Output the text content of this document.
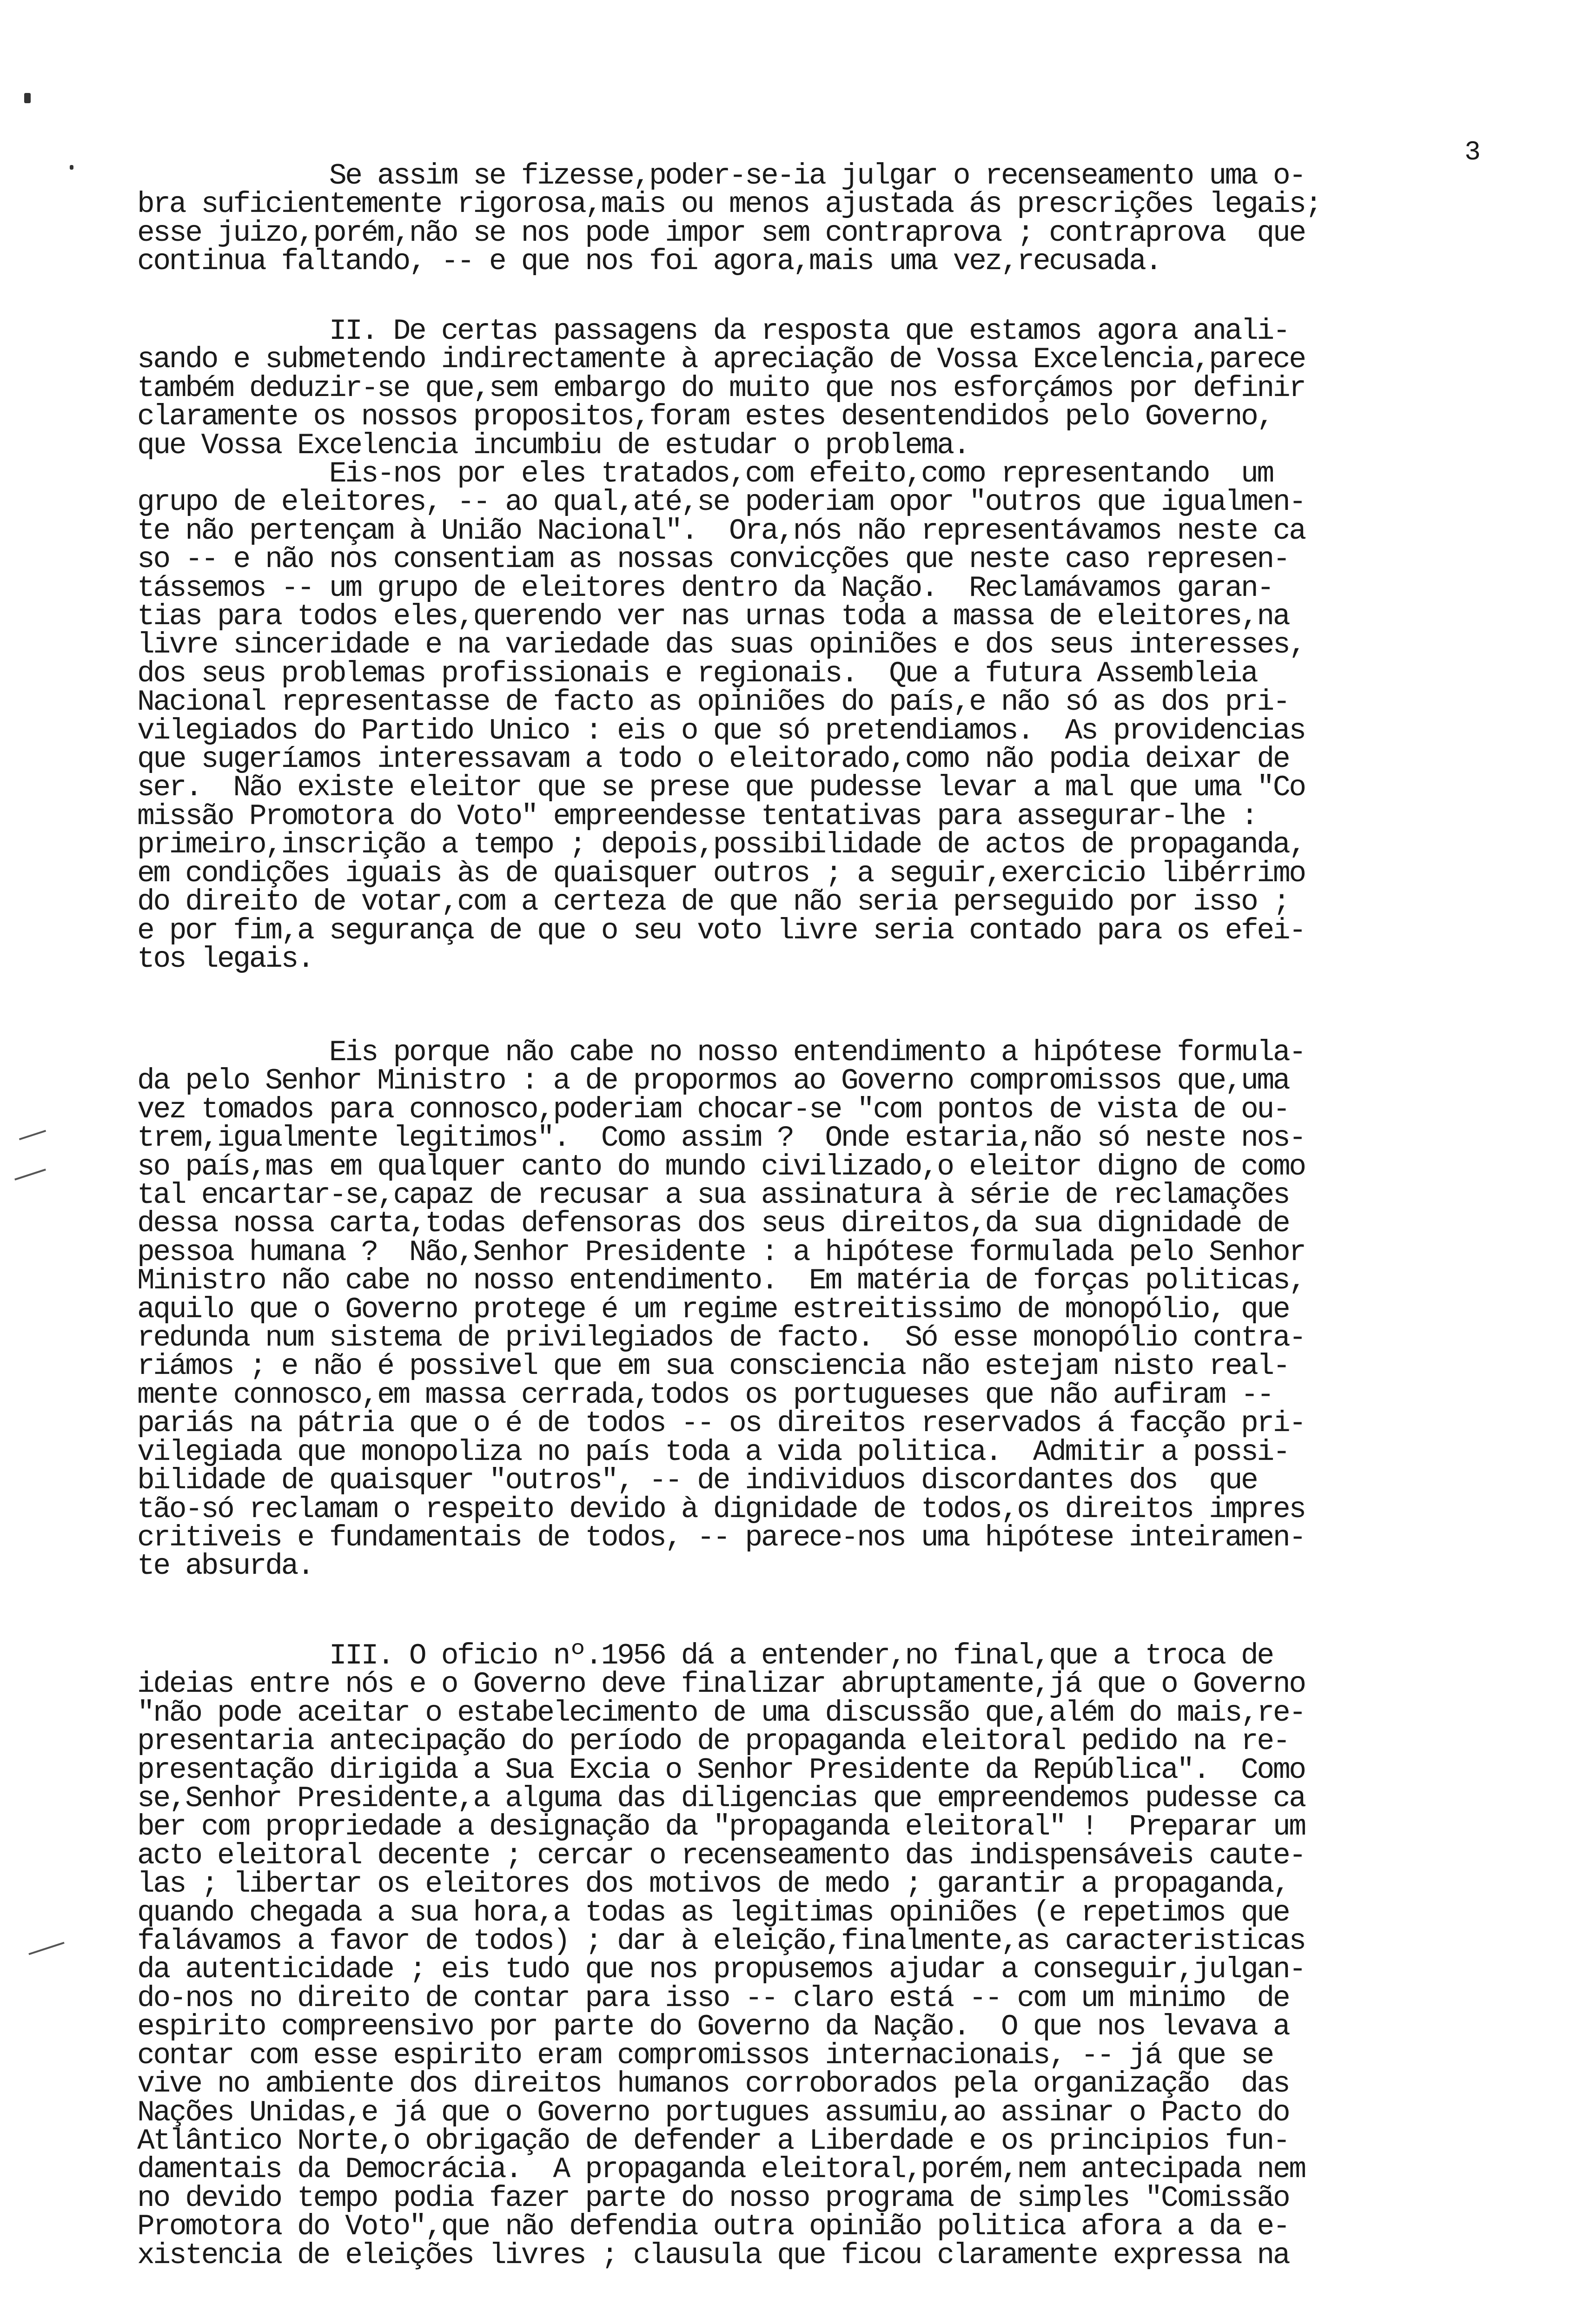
3
Se assim se fizesse,poder-se-ia julgar o recenseamento uma o-
bra suficientemente rigorosa,mais ou menos ajustada ás prescrições legais;
esse juizo,porém,não se nos pode impor sem contraprova ; contraprova  que
continua faltando, -- e que nos foi agora,mais uma vez,recusada.
II. De certas passagens da resposta que estamos agora anali-
sando e submetendo indirectamente à apreciação de Vossa Excelencia,parece
também deduzir-se que,sem embargo do muito que nos esforçámos por definir
claramente os nossos propositos,foram estes desentendidos pelo Governo,
que Vossa Excelencia incumbiu de estudar o problema.
Eis-nos por eles tratados,com efeito,como representando  um
grupo de eleitores, -- ao qual,até,se poderiam opor "outros que igualmen-
te não pertençam à União Nacional".  Ora,nós não representávamos neste ca
so -- e não nos consentiam as nossas convicções que neste caso represen-
tássemos -- um grupo de eleitores dentro da Nação.  Reclamávamos garan-
tias para todos eles,querendo ver nas urnas toda a massa de eleitores,na
livre sinceridade e na variedade das suas opiniões e dos seus interesses,
dos seus problemas profissionais e regionais.  Que a futura Assembleia
Nacional representasse de facto as opiniões do país,e não só as dos pri-
vilegiados do Partido Unico : eis o que só pretendiamos.  As providencias
que sugeríamos interessavam a todo o eleitorado,como não podia deixar de
ser.  Não existe eleitor que se prese que pudesse levar a mal que uma "Co
missão Promotora do Voto" empreendesse tentativas para assegurar-lhe :
primeiro,inscrição a tempo ; depois,possibilidade de actos de propaganda,
em condições iguais às de quaisquer outros ; a seguir,exercicio libérrimo
do direito de votar,com a certeza de que não seria perseguido por isso ;
e por fim,a segurança de que o seu voto livre seria contado para os efei-
tos legais.
Eis porque não cabe no nosso entendimento a hipótese formula-
da pelo Senhor Ministro : a de propormos ao Governo compromissos que,uma
vez tomados para connosco,poderiam chocar-se "com pontos de vista de ou-
trem,igualmente legitimos".  Como assim ?  Onde estaria,não só neste nos-
so país,mas em qualquer canto do mundo civilizado,o eleitor digno de como
tal encartar-se,capaz de recusar a sua assinatura à série de reclamações
dessa nossa carta,todas defensoras dos seus direitos,da sua dignidade de
pessoa humana ?  Não,Senhor Presidente : a hipótese formulada pelo Senhor
Ministro não cabe no nosso entendimento.  Em matéria de forças politicas,
aquilo que o Governo protege é um regime estreitissimo de monopólio, que
redunda num sistema de privilegiados de facto.  Só esse monopólio contra-
riámos ; e não é possivel que em sua consciencia não estejam nisto real-
mente connosco,em massa cerrada,todos os portugueses que não aufiram --
pariás na pátria que o é de todos -- os direitos reservados á facção pri-
vilegiada que monopoliza no país toda a vida politica.  Admitir a possi-
bilidade de quaisquer "outros", -- de individuos discordantes dos  que
tão-só reclamam o respeito devido à dignidade de todos,os direitos impres
critiveis e fundamentais de todos, -- parece-nos uma hipótese inteiramen-
te absurda.
III. O oficio nº.1956 dá a entender,no final,que a troca de
ideias entre nós e o Governo deve finalizar abruptamente,já que o Governo
"não pode aceitar o estabelecimento de uma discussão que,além do mais,re-
presentaria antecipação do período de propaganda eleitoral pedido na re-
presentação dirigida a Sua Excia o Senhor Presidente da República".  Como
se,Senhor Presidente,a alguma das diligencias que empreendemos pudesse ca
ber com propriedade a designação da "propaganda eleitoral" !  Preparar um
acto eleitoral decente ; cercar o recenseamento das indispensáveis caute-
las ; libertar os eleitores dos motivos de medo ; garantir a propaganda,
quando chegada a sua hora,a todas as legitimas opiniões (e repetimos que
falávamos a favor de todos) ; dar à eleição,finalmente,as caracteristicas
da autenticidade ; eis tudo que nos propusemos ajudar a conseguir,julgan-
do-nos no direito de contar para isso -- claro está -- com um minimo  de
espirito compreensivo por parte do Governo da Nação.  O que nos levava a
contar com esse espirito eram compromissos internacionais, -- já que se
vive no ambiente dos direitos humanos corroborados pela organização  das
Nações Unidas,e já que o Governo portugues assumiu,ao assinar o Pacto do
Atlântico Norte,o obrigação de defender a Liberdade e os principios fun-
damentais da Democrácia.  A propaganda eleitoral,porém,nem antecipada nem
no devido tempo podia fazer parte do nosso programa de simples "Comissão
Promotora do Voto",que não defendia outra opinião politica afora a da e-
xistencia de eleições livres ; clausula que ficou claramente expressa na
